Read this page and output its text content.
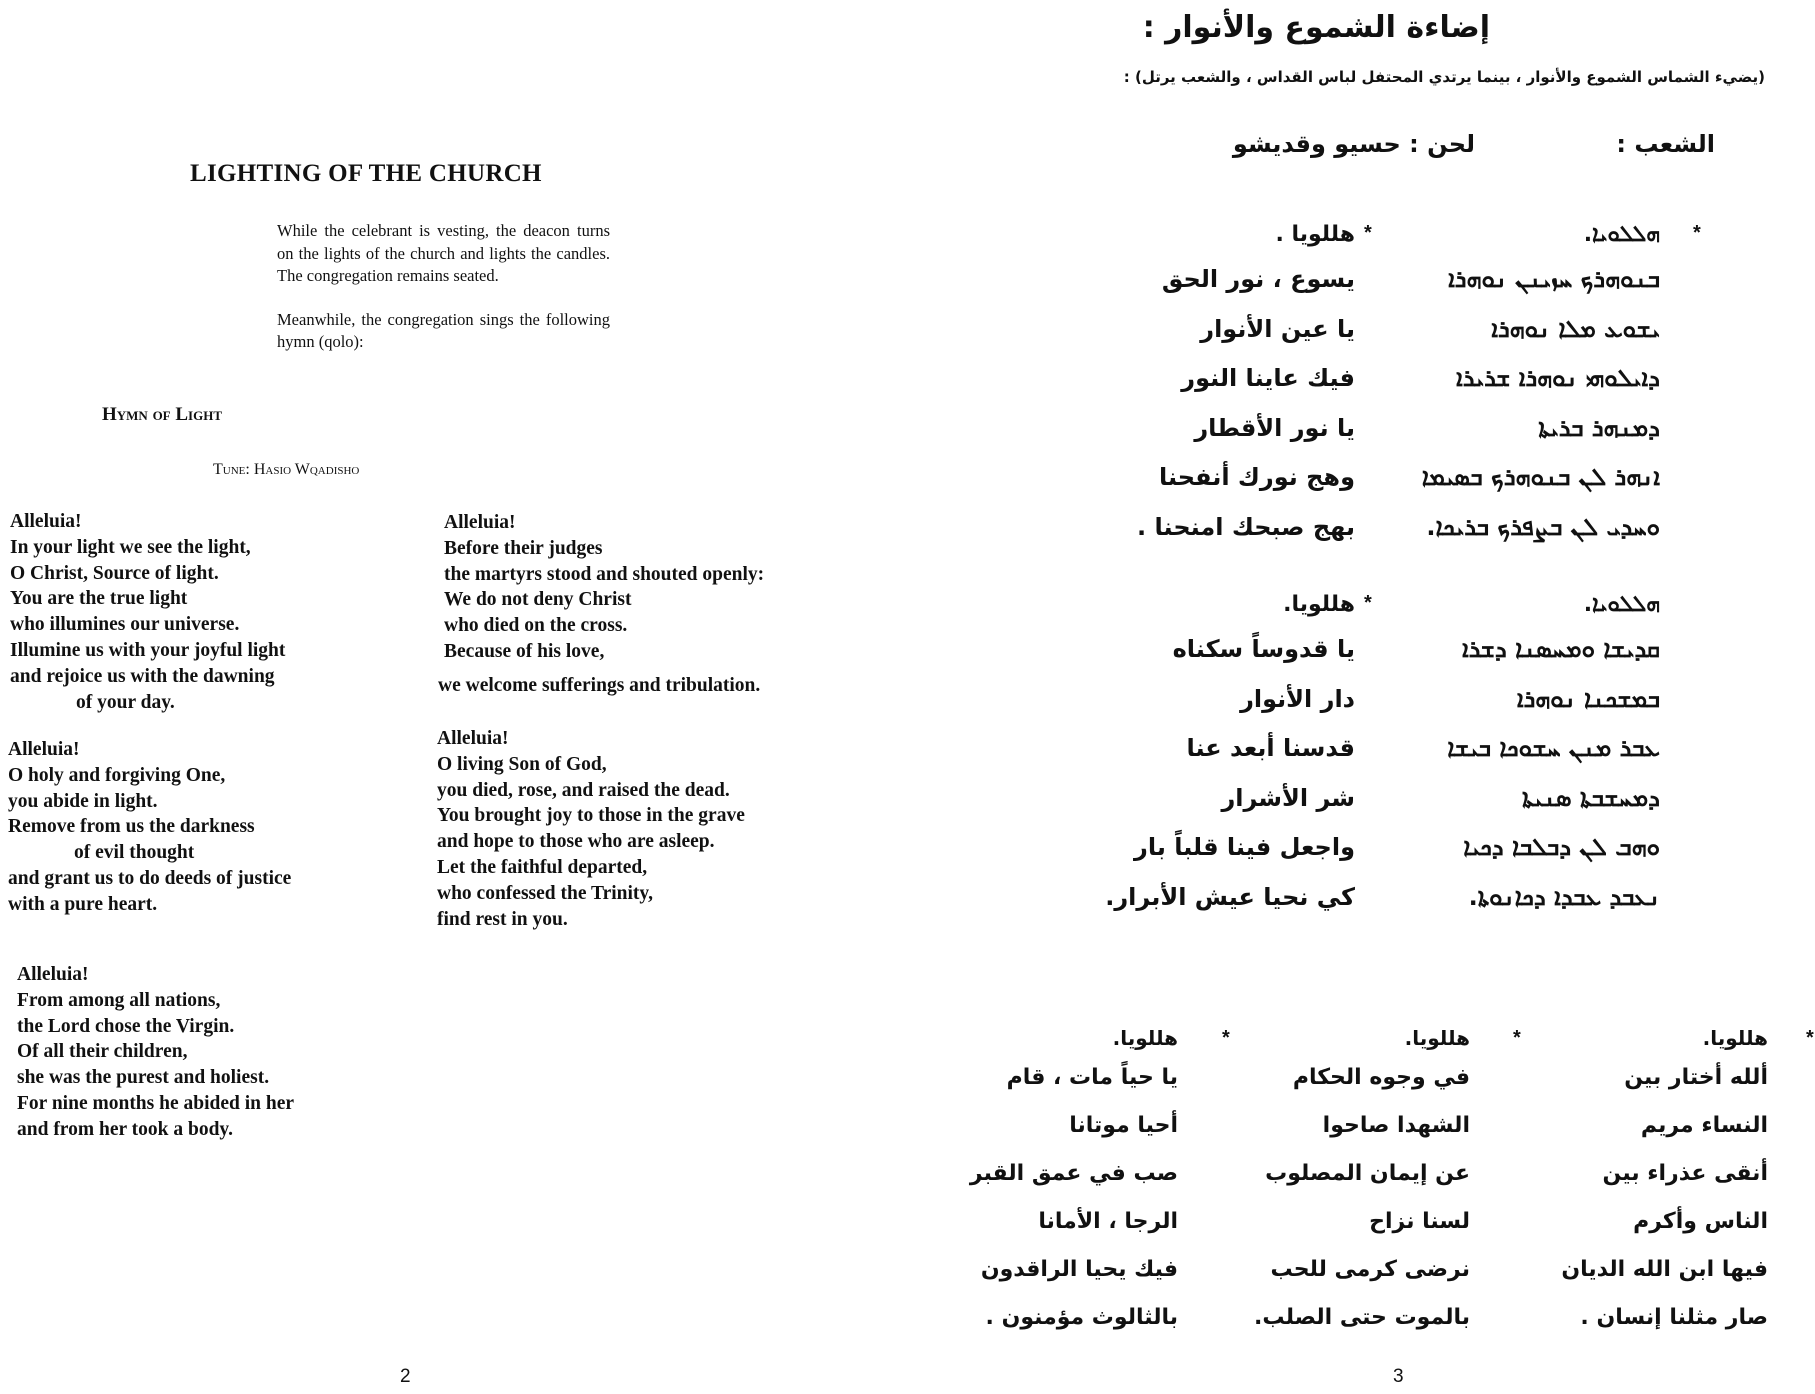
LIGHTING OF THE CHURCH

While the celebrant is vesting, the deacon turns on the lights of the church and lights the candles. The congregation remains seated.

Meanwhile, the congregation sings the following hymn (qolo):

Hymn of Light
Tune: Hasio Wqadisho
Alleluia!
In your light we see the light,
O Christ, Source of light.
You are the true light
who illumines our universe.
Illumine us with your joyful light
and rejoice us with the dawning
of your day.
Alleluia!
O holy and forgiving One,
you abide in light.
Remove from us the darkness
of evil thought
and grant us to do deeds of justice
with a pure heart.
Alleluia!
From among all nations,
the Lord chose the Virgin.
Of all their children,
she was the purest and holiest.
For nine months he abided in her
and from her took a body.
Alleluia!
Before their judges
the martyrs stood and shouted openly:
We do not deny Christ
who died on the cross.
Because of his love,
we welcome sufferings and tribulation.
Alleluia!
O living Son of God,
you died, rose, and raised the dead.
You brought joy to those in the grave
and hope to those who are asleep.
Let the faithful departed,
who confessed the Trinity,
find rest in you.
2
إضاءة الشموع والأنوار :
(يضيء الشماس الشموع والأنوار ، بينما يرتدي المحتفل لباس القداس ، والشعب يرتل) :
الشعب :
لحن : حسيو وقديشو
*
ܗܠܠܘܝܐ.
ܒܢܘܗܪܟ ܚܙܝܢܢ ܢܘܗܪܐ
ܝܫܘܥ ܡܠܐ ܢܘܗܪܐ
ܕܐܝܠܘܗܝ ܢܘܗܪܐ ܫܪܝܪܐ
ܕܡܢܗܪ ܒܪܝܬܐ
ܐܢܗܪ ܠܢ ܒܢܘܗܪܟ ܒܣܝܡܐ
ܘܚܕܝ ܠܢ ܒܨܦܪܟ ܒܪܝܟܐ.
*
هللويا .
يسوع ، نور الحق
يا عين الأنوار
فيك عاينا النور
يا نور الأقطار
وهج نورك أنفحنا
بهج صبحك امنحنا .
ܗܠܠܘܝܐ.
ܩܕܝܫܐ ܘܡܚܣܢܐ ܕܫܪܐ
ܒܡܫܟܢܐ ܢܘܗܪܐ
ܥܒܪ ܡܢܢ ܚܫܘܟܐ ܒܝܫܐ
ܕܡܚܫܒܬܐ ܣܢܝܬܐ
ܘܗܒ ܠܢ ܕܒܠܒܐ ܕܟܝܐ
ܢܥܒܕ ܥܒܕܐ ܕܟܐܢܘܬܐ.
*
هللويا.
يا قدوساً سكناه
دار الأنوار
قدسنا أبعد عنا
شر الأشرار
واجعل فينا قلباً بار
كي نحيا عيش الأبرار.
*
هللويا.
ألله أختار بين
النساء مريم
أنقى عذراء بين
الناس وأكرم
فيها ابن الله الديان
صار مثلنا إنسان .
*
هللويا.
في وجوه الحكام
الشهدا صاحوا
عن إيمان المصلوب
لسنا نزاح
نرضى كرمى للحب
بالموت حتى الصلب.
*
هللويا.
يا حياً مات ، قام
أحيا موتانا
صب في عمق القبر
الرجا ، الأمانا
فيك يحيا الراقدون
بالثالوث مؤمنون .
3
